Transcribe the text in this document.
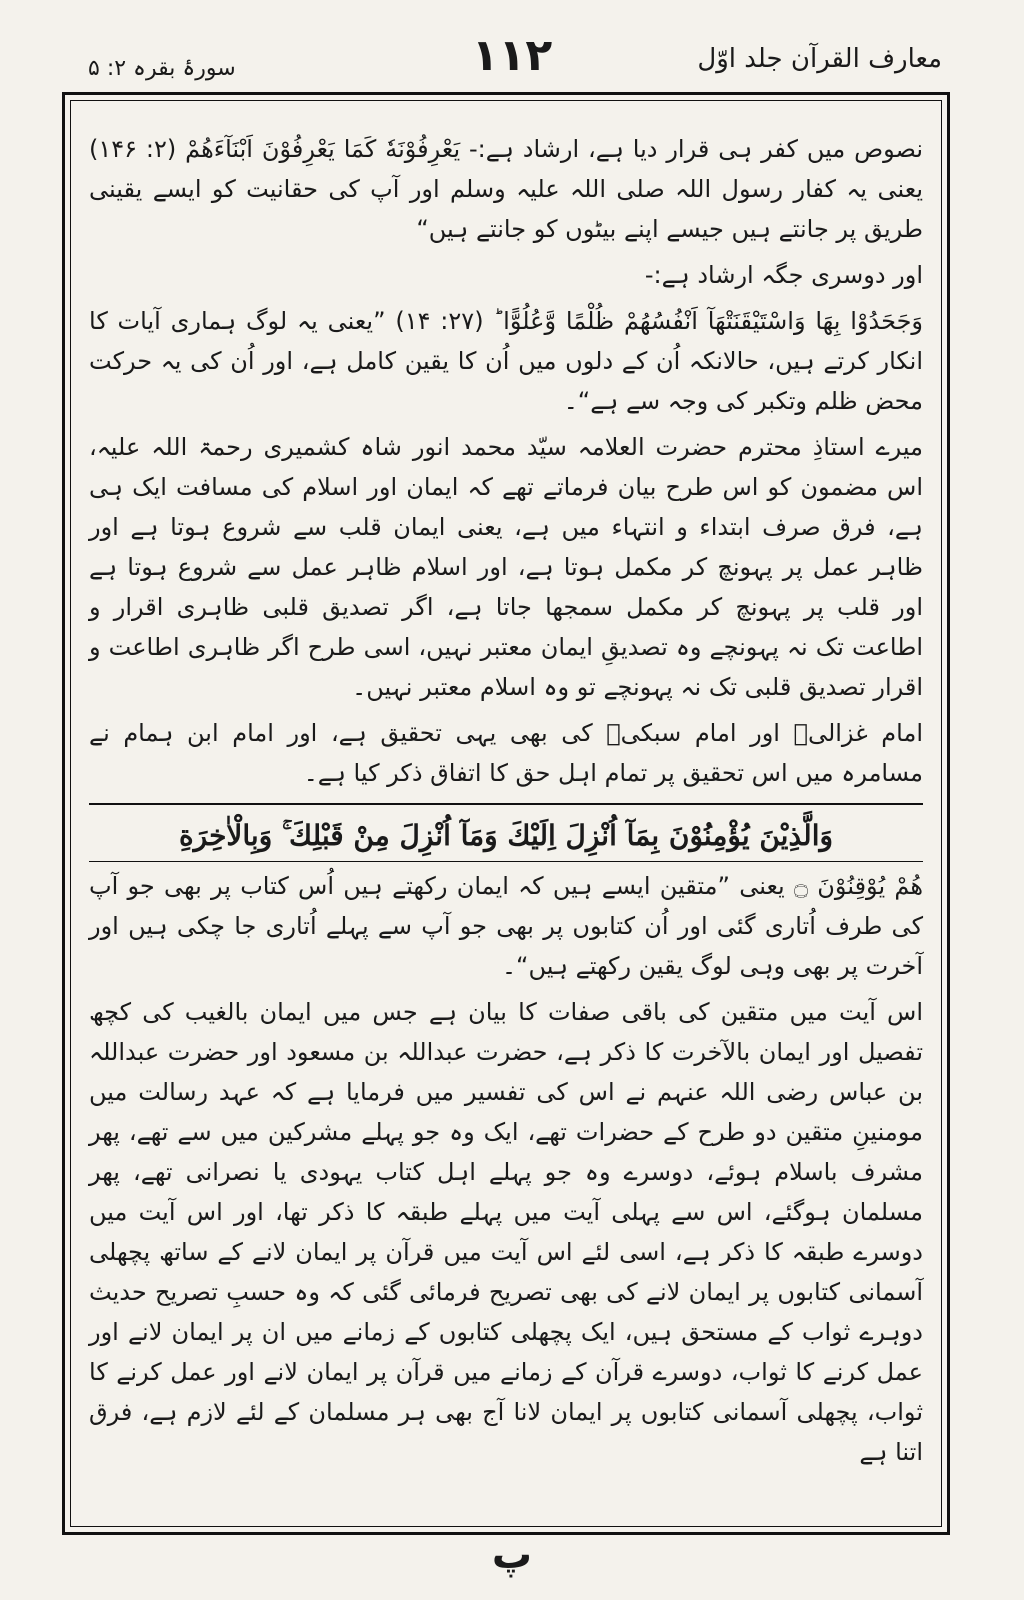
معارف القرآن جلد اوّل
۱۱۲
سورۂ بقرہ ۲: ۵

نصوص میں کفر ہی قرار دیا ہے، ارشاد ہے:- يَعْرِفُوْنَهٗ كَمَا يَعْرِفُوْنَ اَبْنَآءَهُمْ (۲: ۱۴۶) یعنی یہ کفار رسول اللہ صلی اللہ علیہ وسلم اور آپ کی حقانیت کو ایسے یقینی طریق پر جانتے ہیں جیسے اپنے بیٹوں کو جانتے ہیں“

اور دوسری جگہ ارشاد ہے:-

وَجَحَدُوْا بِهَا وَاسْتَيْقَنَتْهَآ اَنْفُسُهُمْ ظُلْمًا وَّعُلُوًّا ؕ (۲۷: ۱۴) ”یعنی یہ لوگ ہماری آیات کا انکار کرتے ہیں، حالانکہ اُن کے دلوں میں اُن کا یقین کامل ہے، اور اُن کی یہ حرکت محض ظلم وتکبر کی وجہ سے ہے“۔

میرے استاذِ محترم حضرت العلامہ سیّد محمد انور شاہ کشمیری رحمۃ اللہ علیہ، اس مضمون کو اس طرح بیان فرماتے تھے کہ ایمان اور اسلام کی مسافت ایک ہی ہے، فرق صرف ابتداء و انتہاء میں ہے، یعنی ایمان قلب سے شروع ہوتا ہے اور ظاہر عمل پر پہونچ کر مکمل ہوتا ہے، اور اسلام ظاہر عمل سے شروع ہوتا ہے اور قلب پر پہونچ کر مکمل سمجھا جاتا ہے، اگر تصدیق قلبی ظاہری اقرار و اطاعت تک نہ پہونچے وہ تصدیقِ ایمان معتبر نہیں، اسی طرح اگر ظاہری اطاعت و اقرار تصدیق قلبی تک نہ پہونچے تو وہ اسلام معتبر نہیں۔

امام غزالیؒ اور امام سبکیؒ کی بھی یہی تحقیق ہے، اور امام ابن ہمام نے مسامرہ میں اس تحقیق پر تمام اہل حق کا اتفاق ذکر کیا ہے۔

وَالَّذِيْنَ يُؤْمِنُوْنَ بِمَآ اُنْزِلَ اِلَيْكَ وَمَآ اُنْزِلَ مِنْ قَبْلِكَ ۚ وَبِالْاٰخِرَةِ

هُمْ يُوْقِنُوْنَ ۝ یعنی ”متقین ایسے ہیں کہ ایمان رکھتے ہیں اُس کتاب پر بھی جو آپ کی طرف اُتاری گئی اور اُن کتابوں پر بھی جو آپ سے پہلے اُتاری جا چکی ہیں اور آخرت پر بھی وہی لوگ یقین رکھتے ہیں“۔

اس آیت میں متقین کی باقی صفات کا بیان ہے جس میں ایمان بالغیب کی کچھ تفصیل اور ایمان بالآخرت کا ذکر ہے، حضرت عبداللہ بن مسعود اور حضرت عبداللہ بن عباس رضی اللہ عنہم نے اس کی تفسیر میں فرمایا ہے کہ عہد رسالت میں مومنینِ متقین دو طرح کے حضرات تھے، ایک وہ جو پہلے مشرکین میں سے تھے، پھر مشرف باسلام ہوئے، دوسرے وہ جو پہلے اہل کتاب یہودی یا نصرانی تھے، پھر مسلمان ہوگئے، اس سے پہلی آیت میں پہلے طبقہ کا ذکر تھا، اور اس آیت میں دوسرے طبقہ کا ذکر ہے، اسی لئے اس آیت میں قرآن پر ایمان لانے کے ساتھ پچھلی آسمانی کتابوں پر ایمان لانے کی بھی تصریح فرمائی گئی کہ وہ حسبِ تصریح حدیث دوہرے ثواب کے مستحق ہیں، ایک پچھلی کتابوں کے زمانے میں ان پر ایمان لانے اور عمل کرنے کا ثواب، دوسرے قرآن کے زمانے میں قرآن پر ایمان لانے اور عمل کرنے کا ثواب، پچھلی آسمانی کتابوں پر ایمان لانا آج بھی ہر مسلمان کے لئے لازم ہے، فرق اتنا ہے

پ
